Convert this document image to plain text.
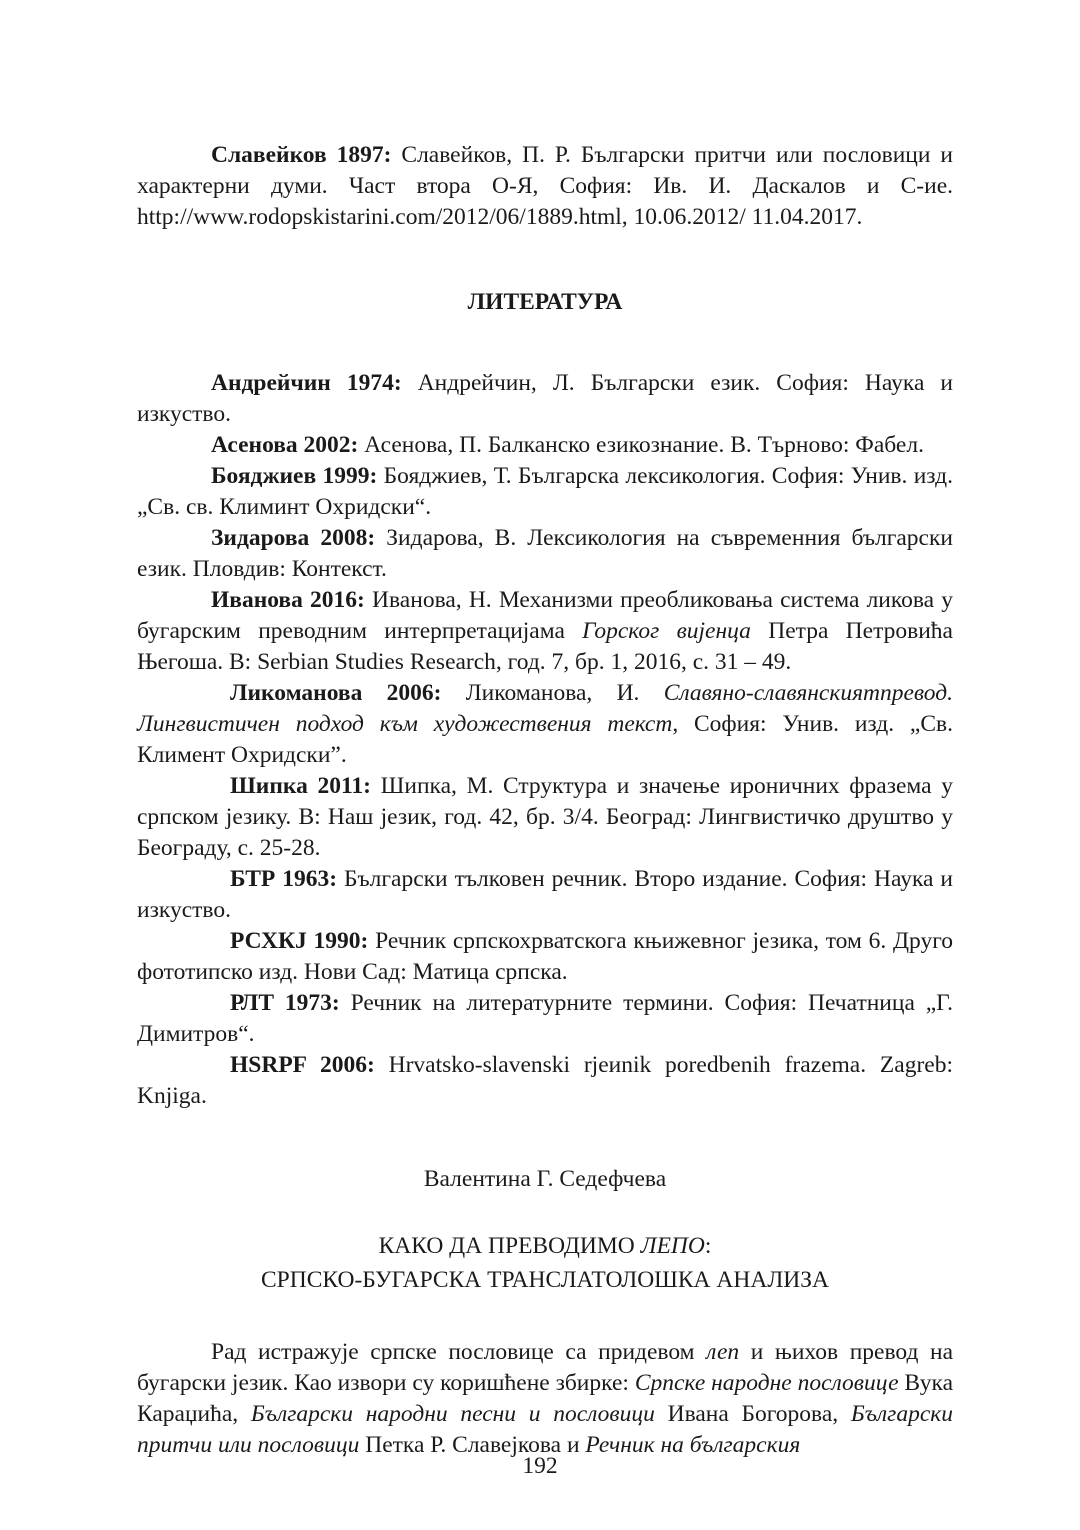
Славейков 1897: Славейков, П. Р. Български притчи или пословици и характерни думи. Част втора О-Я, София: Ив. И. Даскалов и С-ие. http://www.rodopskistarini.com/2012/06/1889.html, 10.06.2012/ 11.04.2017.

ЛИТЕРАТУРА

Андрейчин 1974: Андрейчин, Л. Български език. София: Наука и изкуство.

Асенова 2002: Асенова, П. Балканско езикознание. В. Търново: Фабел.

Бояджиев 1999: Бояджиев, Т. Българска лексикология. София: Унив. изд. „Св. св. Климинт Охридски“.

Зидарова 2008: Зидарова, В. Лексикология на съвременния български език. Пловдив: Контекст.

Иванова 2016: Иванова, Н. Механизми преобликовања система ликова у бугарским преводним интерпретацијама Горског вијенца Петра Петровића Његоша. В: Serbian Studies Research, год. 7, бр. 1, 2016, с. 31 – 49.

Ликоманова 2006: Ликоманова, И. Славяно-славянскиятпревод. Лингвистичен подход към художествения текст, София: Унив. изд. „Св. Климент Охридски”.

Шипка 2011: Шипка, М. Структура и значење ироничних фразема у српском језику. В: Наш језик, год. 42, бр. 3/4. Београд: Лингвистичко друштво у Београду, с. 25-28.

БТР 1963: Български тълковен речник. Второ издание. София: Наука и изкуство.

РСХКЈ 1990: Речник српскохрватскога књижевног језика, том 6. Друго фототипско изд. Нови Сад: Матица српска.

РЛТ 1973: Речник на литературните термини. София: Печатница „Г. Димитров“.

HSRPF 2006: Hrvatsko-slavenski rjeиnik poredbenih frazema. Zagreb: Knjiga.

Валентина Г. Седефчева

КАКО ДА ПРЕВОДИМО ЛЕПО:
СРПСКО-БУГАРСКА ТРАНСЛАТОЛОШКА АНАЛИЗА

Рад истражује српске пословице са придевом леп и њихов превод на бугарски језик. Као извори су коришћене збирке: Српске народне пословице Вука Караџића, Български народни песни и пословици Ивана Богорова, Български притчи или пословици Петка Р. Славејкова и Речник на българския

192
